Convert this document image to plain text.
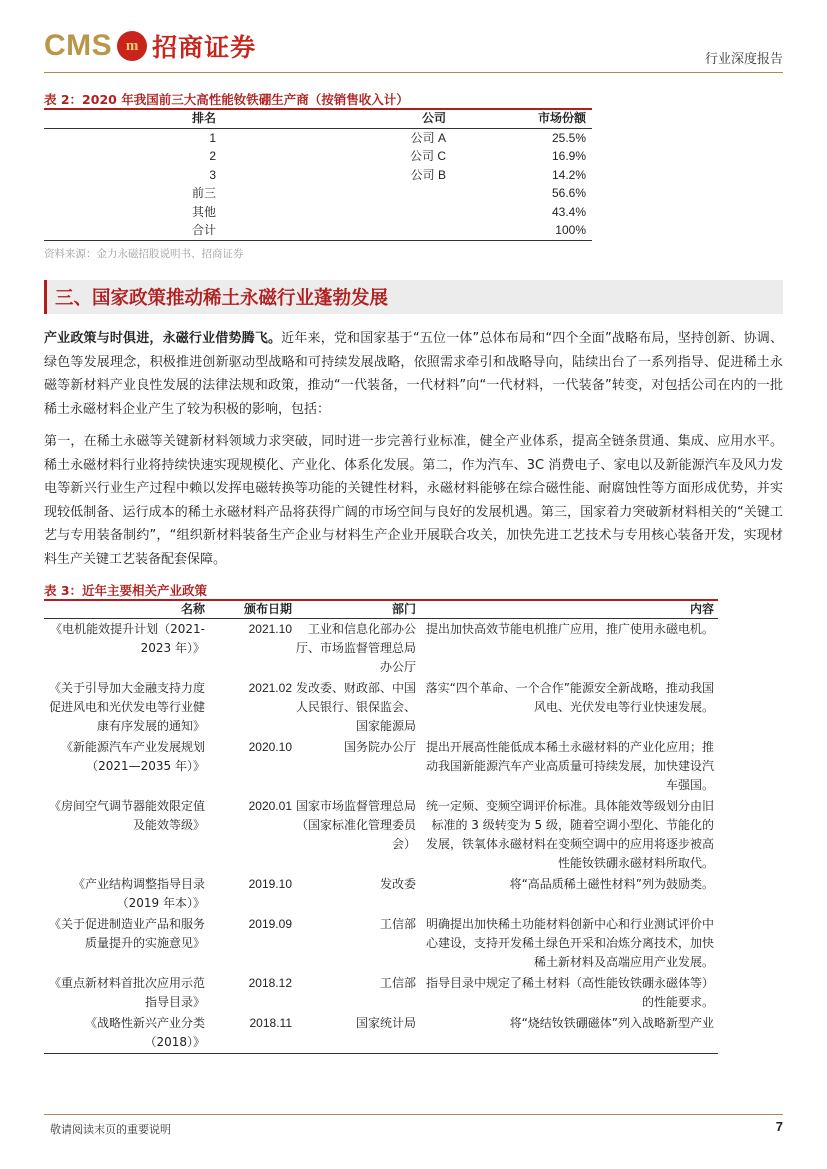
CMS m 招商证券	行业深度报告
表 2：2020 年我国前三大高性能钕铁硼生产商（按销售收入计）
排名	公司	市场份额
1	公司 A	25.5%
2	公司 C	16.9%
3	公司 B	14.2%
前三		56.6%
其他		43.4%
合计		100%
资料来源：金力永磁招股说明书、招商证券
三、国家政策推动稀土永磁行业蓬勃发展
产业政策与时俱进，永磁行业借势腾飞。近年来，党和国家基于“五位一体”总体布局和“四个全面”战略布局，坚持创新、协调、绿色等发展理念，积极推进创新驱动型战略和可持续发展战略，依照需求牵引和战略导向，陆续出台了一系列指导、促进稀土永磁等新材料产业良性发展的法律法规和政策，推动“一代装备，一代材料”向“一代材料，一代装备”转变，对包括公司在内的一批稀土永磁材料企业产生了较为积极的影响，包括：
第一，在稀土永磁等关键新材料领域力求突破，同时进一步完善行业标准，健全产业体系，提高全链条贯通、集成、应用水平。稀土永磁材料行业将持续快速实现规模化、产业化、体系化发展。第二，作为汽车、3C 消费电子、家电以及新能源汽车及风力发电等新兴行业生产过程中赖以发挥电磁转换等功能的关键性材料，永磁材料能够在综合磁性能、耐腐蚀性等方面形成优势，并实现较低制备、运行成本的稀土永磁材料产品将获得广阔的市场空间与良好的发展机遇。第三，国家着力突破新材料相关的“关键工艺与专用装备制约”，“组织新材料装备生产企业与材料生产企业开展联合攻关，加快先进工艺技术与专用核心装备开发，实现材料生产关键工艺装备配套保障。
表 3：近年主要相关产业政策
名称	颁布日期	部门	内容
《电机能效提升计划（2021-2023 年）》	2021.10	工业和信息化部办公厅、市场监督管理总局办公厅	提出加快高效节能电机推广应用，推广使用永磁电机。
《关于引导加大金融支持力度促进风电和光伏发电等行业健康有序发展的通知》	2021.02	发改委、财政部、中国人民银行、银保监会、国家能源局	落实“四个革命、一个合作”能源安全新战略，推动我国风电、光伏发电等行业快速发展。
《新能源汽车产业发展规划（2021—2035 年）》	2020.10	国务院办公厅	提出开展高性能低成本稀土永磁材料的产业化应用；推动我国新能源汽车产业高质量可持续发展，加快建设汽车强国。
《房间空气调节器能效限定值及能效等级》	2020.01	国家市场监督管理总局（国家标准化管理委员会）	统一定频、变频空调评价标准。具体能效等级划分由旧标准的 3 级转变为 5 级，随着空调小型化、节能化的发展，铁氧体永磁材料在变频空调中的应用将逐步被高性能钕铁硼永磁材料所取代。
《产业结构调整指导目录（2019 年本）》	2019.10	发改委	将“高品质稀土磁性材料”列为鼓励类。
《关于促进制造业产品和服务质量提升的实施意见》	2019.09	工信部	明确提出加快稀土功能材料创新中心和行业测试评价中心建设，支持开发稀土绿色开采和冶炼分离技术，加快稀土新材料及高端应用产业发展。
《重点新材料首批次应用示范指导目录》	2018.12	工信部	指导目录中规定了稀土材料（高性能钕铁硼永磁体等）的性能要求。
《战略性新兴产业分类（2018）》	2018.11	国家统计局	将“烧结钕铁硼磁体”列入战略新型产业
敬请阅读末页的重要说明	7
